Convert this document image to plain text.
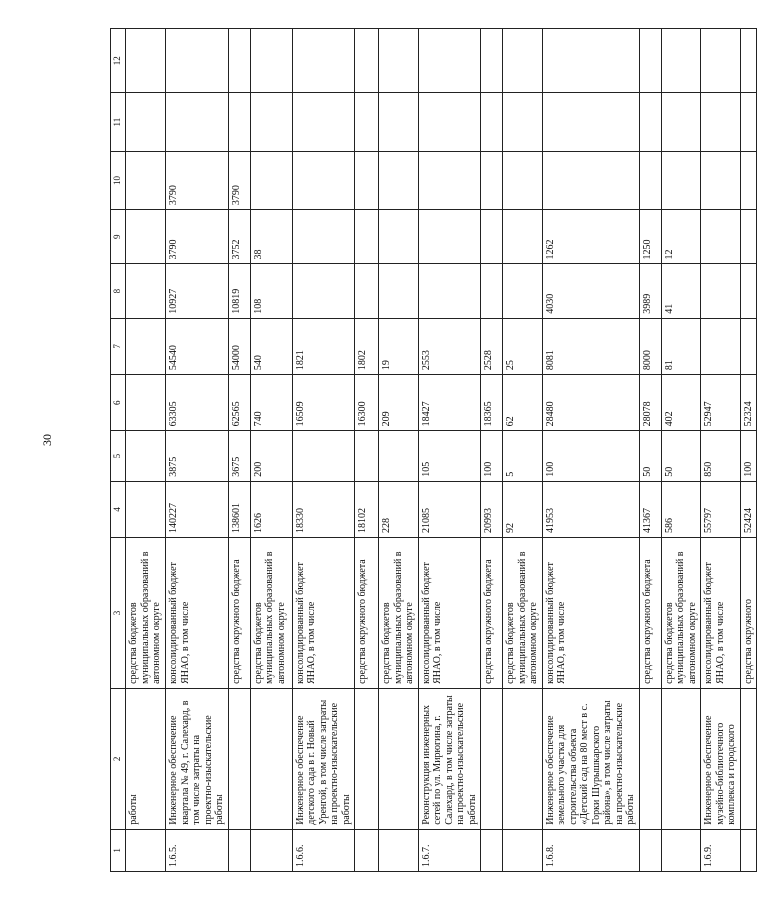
30
1	2	3	4	5	6	7	8	9	10	11	12
	работы	средства бюджетов муниципальных образований в автономном округе									
1.6.5.	Инженерное обеспечение квартала № 49, г. Салехард, в том числе затраты на проектно-изыскательские работы	консолидированный бюджет ЯНАО, в том числе	140227	3875	63305	54540	10927	3790	3790		
		средства окружного бюджета	138601	3675	62565	54000	10819	3752	3790		
		средства бюджетов муниципальных образований в автономном округе	1626	200	740	540	108	38			
1.6.6.	Инженерное обеспечение детского сада в г. Новый Уренгой, в том числе затраты на проектно-изыскательские работы	консолидированный бюджет ЯНАО, в том числе	18330		16509	1821					
		средства окружного бюджета	18102		16300	1802					
		средства бюджетов муниципальных образований в автономном округе	228		209	19					
1.6.7.	Реконструкция инженерных сетей по ул. Мирюгина, г. Салехард, в том числе затраты на проектно-изыскательские работы	консолидированный бюджет ЯНАО, в том числе	21085	105	18427	2553					
		средства окружного бюджета	20993	100	18365	2528					
		средства бюджетов муниципальных образований в автономном округе	92	5	62	25					
1.6.8.	Инженерное обеспечение земельного участка для строительства объекта «Детский сад на 80 мест в с. Горки Шурышкарского района», в том числе затраты на проектно-изыскательские работы	консолидированный бюджет ЯНАО, в том числе	41953	100	28480	8081	4030	1262			
		средства окружного бюджета	41367	50	28078	8000	3989	1250			
		средства бюджетов муниципальных образований в автономном округе	586	50	402	81	41	12			
1.6.9.	Инженерное обеспечение музейно-библиотечного комплекса и городского	консолидированный бюджет ЯНАО, в том числе	55797	850	52947						
		средства окружного	52424	100	52324						
